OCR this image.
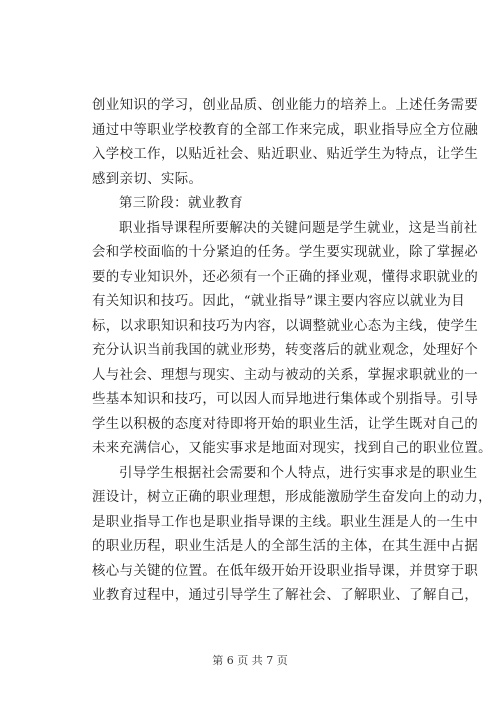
创业知识的学习，创业品质、创业能力的培养上。上述任务需要
通过中等职业学校教育的全部工作来完成，职业指导应全方位融
入学校工作，以贴近社会、贴近职业、贴近学生为特点，让学生
感到亲切、实际。
第三阶段：就业教育
职业指导课程所要解决的关键问题是学生就业，这是当前社
会和学校面临的十分紧迫的任务。学生要实现就业，除了掌握必
要的专业知识外，还必须有一个正确的择业观，懂得求职就业的
有关知识和技巧。因此，“就业指导”课主要内容应以就业为目
标，以求职知识和技巧为内容，以调整就业心态为主线，使学生
充分认识当前我国的就业形势，转变落后的就业观念，处理好个
人与社会、理想与现实、主动与被动的关系，掌握求职就业的一
些基本知识和技巧，可以因人而异地进行集体或个别指导。引导
学生以积极的态度对待即将开始的职业生活，让学生既对自己的
未来充满信心，又能实事求是地面对现实，找到自己的职业位置。
引导学生根据社会需要和个人特点，进行实事求是的职业生
涯设计，树立正确的职业理想，形成能激励学生奋发向上的动力，
是职业指导工作也是职业指导课的主线。职业生涯是人的一生中
的职业历程，职业生活是人的全部生活的主体，在其生涯中占据
核心与关键的位置。在低年级开始开设职业指导课，并贯穿于职
业教育过程中，通过引导学生了解社会、了解职业、了解自己，
第 6 页 共 7 页
